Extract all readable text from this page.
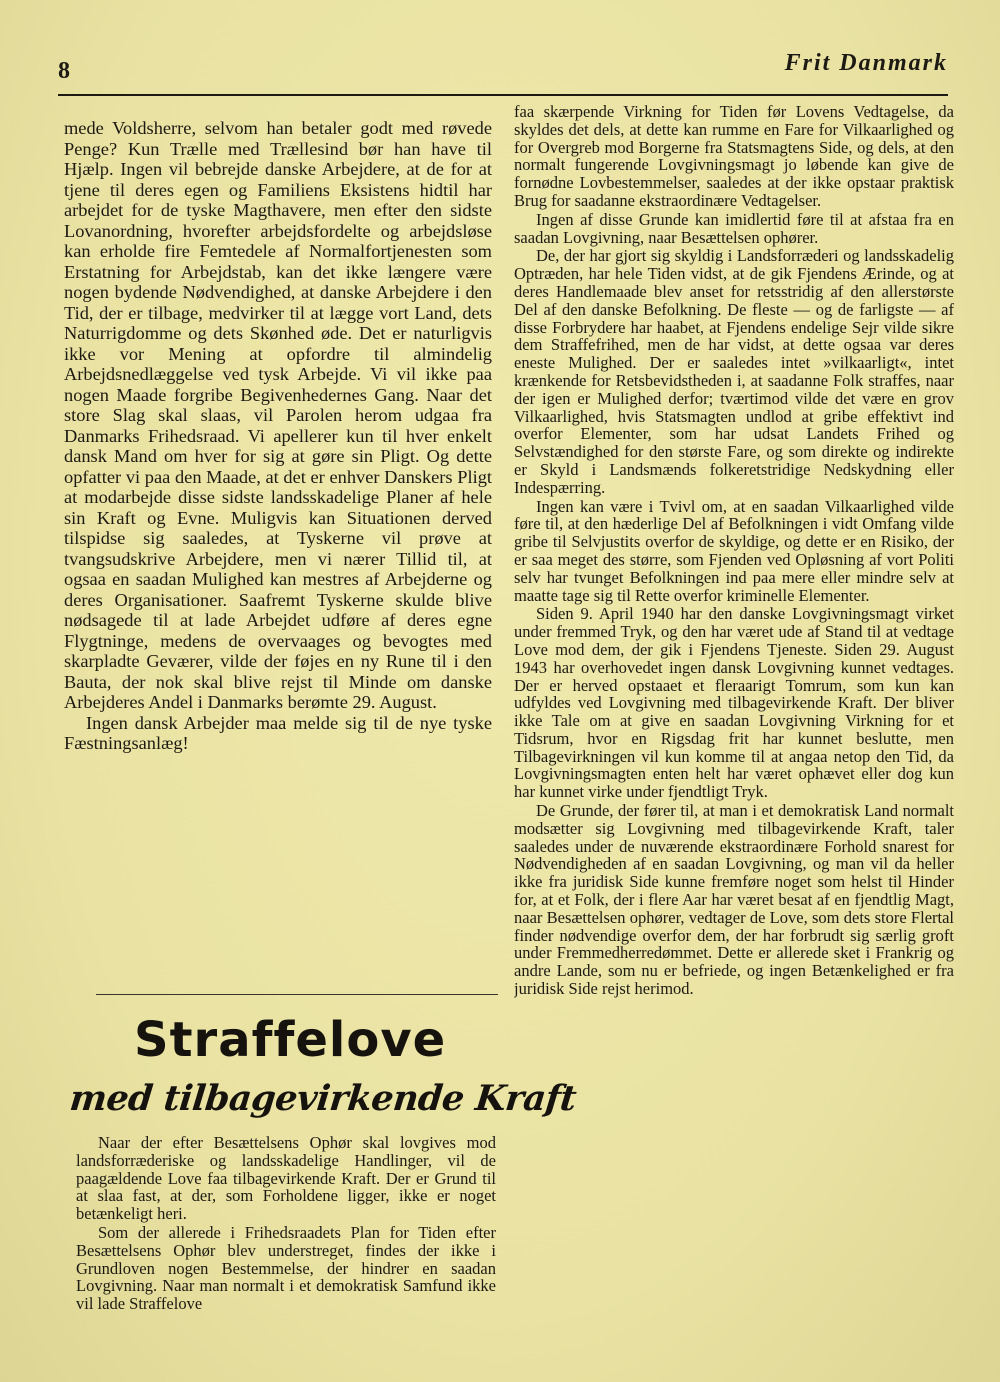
8	Frit Danmark

mede Voldsherre, selvom han betaler godt med røvede Penge? Kun Trælle med Trællesind bør han have til Hjælp. Ingen vil bebrejde danske Arbejdere, at de for at tjene til deres egen og Familiens Eksistens hidtil har arbejdet for de tyske Magthavere, men efter den sidste Lovanordning, hvorefter arbejdsfordelte og arbejdsløse kan erholde fire Femtedele af Normalfortjenesten som Erstatning for Arbejdstab, kan det ikke længere være nogen bydende Nødvendighed, at danske Arbejdere i den Tid, der er tilbage, medvirker til at lægge vort Land, dets Naturrigdomme og dets Skønhed øde. Det er naturligvis ikke vor Mening at opfordre til almindelig Arbejdsnedlæggelse ved tysk Arbejde. Vi vil ikke paa nogen Maade forgribe Begivenhedernes Gang. Naar det store Slag skal slaas, vil Parolen herom udgaa fra Danmarks Frihedsraad. Vi apellerer kun til hver enkelt dansk Mand om hver for sig at gøre sin Pligt. Og dette opfatter vi paa den Maade, at det er enhver Danskers Pligt at modarbejde disse sidste landsskadelige Planer af hele sin Kraft og Evne. Muligvis kan Situationen derved tilspidse sig saaledes, at Tyskerne vil prøve at tvangsudskrive Arbejdere, men vi nærer Tillid til, at ogsaa en saadan Mulighed kan mestres af Arbejderne og deres Organisationer. Saafremt Tyskerne skulde blive nødsagede til at lade Arbejdet udføre af deres egne Flygtninge, medens de overvaages og bevogtes med skarpladte Geværer, vilde der føjes en ny Rune til i den Bauta, der nok skal blive rejst til Minde om danske Arbejderes Andel i Danmarks berømte 29. August.

Ingen dansk Arbejder maa melde sig til de nye tyske Fæstningsanlæg!

Straffelove
med tilbagevirkende Kraft

Naar der efter Besættelsens Ophør skal lovgives mod landsforræderiske og landsskadelige Handlinger, vil de paagældende Love faa tilbagevirkende Kraft. Der er Grund til at slaa fast, at der, som Forholdene ligger, ikke er noget betænkeligt heri.

Som der allerede i Frihedsraadets Plan for Tiden efter Besættelsens Ophør blev understreget, findes der ikke i Grundloven nogen Bestemmelse, der hindrer en saadan Lovgivning. Naar man normalt i et demokratisk Samfund ikke vil lade Straffelove

faa skærpende Virkning for Tiden før Lovens Vedtagelse, da skyldes det dels, at dette kan rumme en Fare for Vilkaarlighed og for Overgreb mod Borgerne fra Statsmagtens Side, og dels, at den normalt fungerende Lovgivningsmagt jo løbende kan give de fornødne Lovbestemmelser, saaledes at der ikke opstaar praktisk Brug for saadanne ekstraordinære Vedtagelser.

Ingen af disse Grunde kan imidlertid føre til at afstaa fra en saadan Lovgivning, naar Besættelsen ophører.

De, der har gjort sig skyldig i Landsforræderi og landsskadelig Optræden, har hele Tiden vidst, at de gik Fjendens Ærinde, og at deres Handlemaade blev anset for retsstridig af den allerstørste Del af den danske Befolkning. De fleste — og de farligste — af disse Forbrydere har haabet, at Fjendens endelige Sejr vilde sikre dem Straffefrihed, men de har vidst, at dette ogsaa var deres eneste Mulighed. Der er saaledes intet »vilkaarligt«, intet krænkende for Retsbevidstheden i, at saadanne Folk straffes, naar der igen er Mulighed derfor; tværtimod vilde det være en grov Vilkaarlighed, hvis Statsmagten undlod at gribe effektivt ind overfor Elementer, som har udsat Landets Frihed og Selvstændighed for den største Fare, og som direkte og indirekte er Skyld i Landsmænds folkeretstridige Nedskydning eller Indespærring.

Ingen kan være i Tvivl om, at en saadan Vilkaarlighed vilde føre til, at den hæderlige Del af Befolkningen i vidt Omfang vilde gribe til Selvjustits overfor de skyldige, og dette er en Risiko, der er saa meget des større, som Fjenden ved Opløsning af vort Politi selv har tvunget Befolkningen ind paa mere eller mindre selv at maatte tage sig til Rette overfor kriminelle Elementer.

Siden 9. April 1940 har den danske Lovgivningsmagt virket under fremmed Tryk, og den har været ude af Stand til at vedtage Love mod dem, der gik i Fjendens Tjeneste. Siden 29. August 1943 har overhovedet ingen dansk Lovgivning kunnet vedtages. Der er herved opstaaet et fleraarigt Tomrum, som kun kan udfyldes ved Lovgivning med tilbagevirkende Kraft. Der bliver ikke Tale om at give en saadan Lovgivning Virkning for et Tidsrum, hvor en Rigsdag frit har kunnet beslutte, men Tilbagevirkningen vil kun komme til at angaa netop den Tid, da Lovgivningsmagten enten helt har været ophævet eller dog kun har kunnet virke under fjendtligt Tryk.

De Grunde, der fører til, at man i et demokratisk Land normalt modsætter sig Lovgivning med tilbagevirkende Kraft, taler saaledes under de nuværende ekstraordinære Forhold snarest for Nødvendigheden af en saadan Lovgivning, og man vil da heller ikke fra juridisk Side kunne fremføre noget som helst til Hinder for, at et Folk, der i flere Aar har været besat af en fjendtlig Magt, naar Besættelsen ophører, vedtager de Love, som dets store Flertal finder nødvendige overfor dem, der har forbrudt sig særlig groft under Fremmedherredømmet. Dette er allerede sket i Frankrig og andre Lande, som nu er befriede, og ingen Betænkelighed er fra juridisk Side rejst herimod.
